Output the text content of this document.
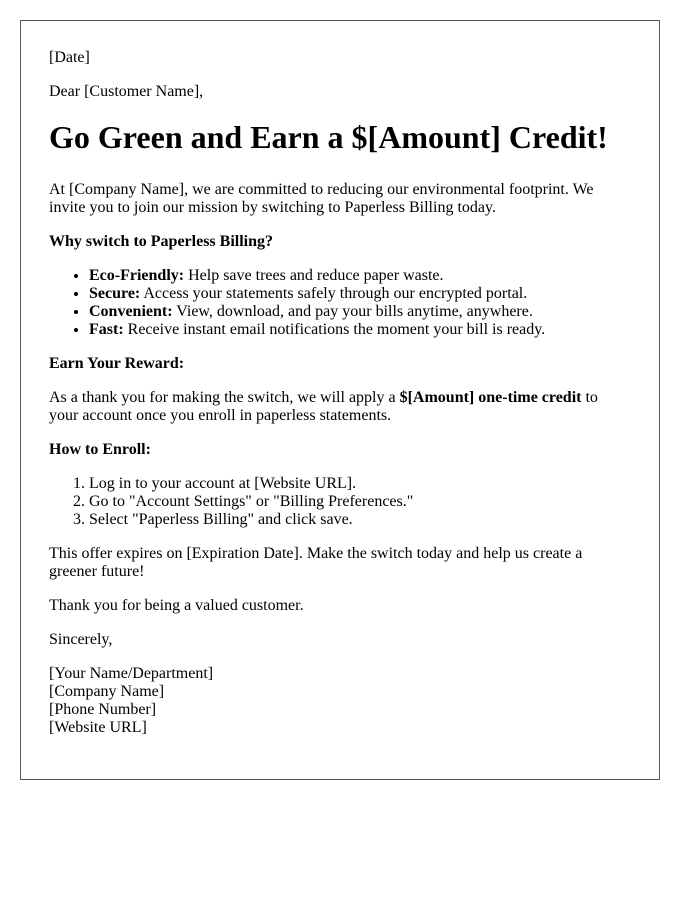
[Date]

Dear [Customer Name],

Go Green and Earn a $[Amount] Credit!

At [Company Name], we are committed to reducing our environmental footprint. We invite you to join our mission by switching to Paperless Billing today.

Why switch to Paperless Billing?

• Eco-Friendly: Help save trees and reduce paper waste.
• Secure: Access your statements safely through our encrypted portal.
• Convenient: View, download, and pay your bills anytime, anywhere.
• Fast: Receive instant email notifications the moment your bill is ready.

Earn Your Reward:

As a thank you for making the switch, we will apply a $[Amount] one-time credit to your account once you enroll in paperless statements.

How to Enroll:

1. Log in to your account at [Website URL].
2. Go to "Account Settings" or "Billing Preferences."
3. Select "Paperless Billing" and click save.

This offer expires on [Expiration Date]. Make the switch today and help us create a greener future!

Thank you for being a valued customer.

Sincerely,

[Your Name/Department]
[Company Name]
[Phone Number]
[Website URL]
